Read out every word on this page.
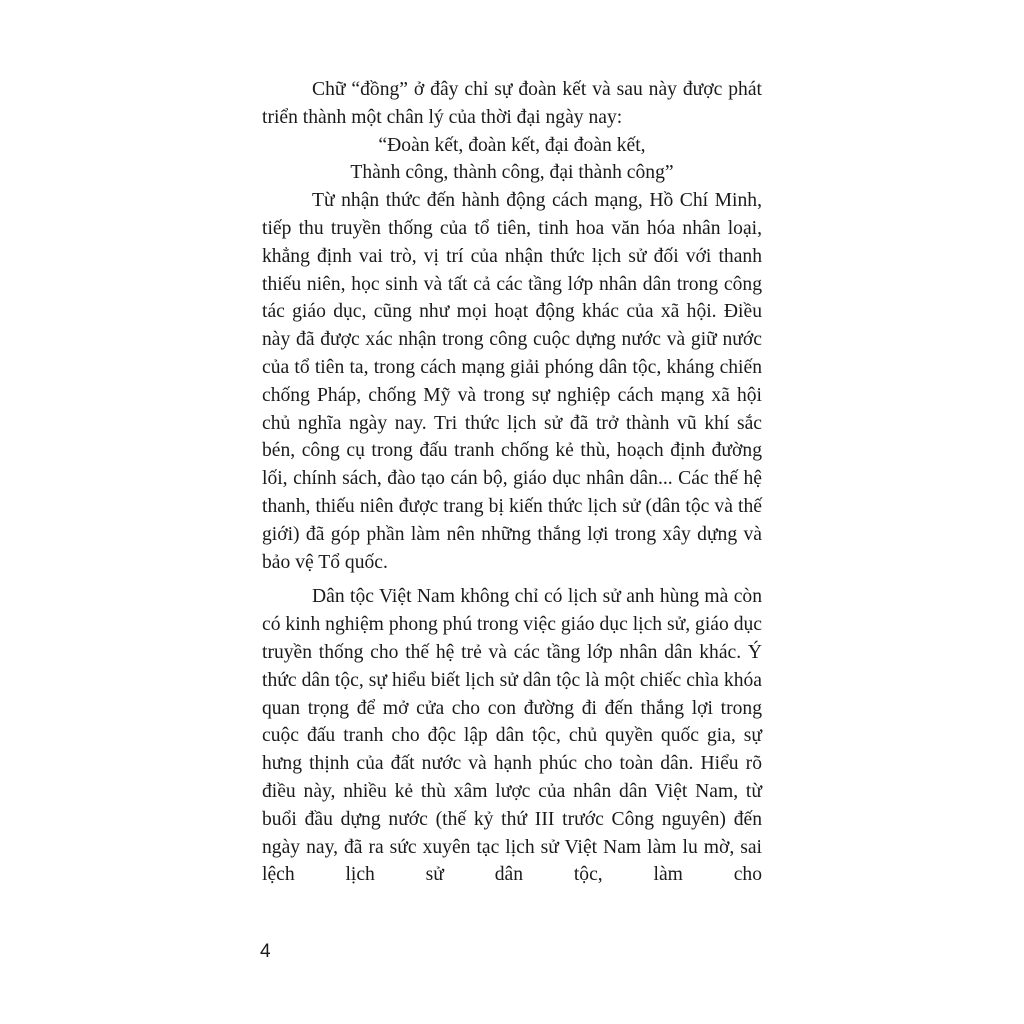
Chữ “đồng” ở đây chỉ sự đoàn kết và sau này được phát triển thành một chân lý của thời đại ngày nay:

“Đoàn kết, đoàn kết, đại đoàn kết,
Thành công, thành công, đại thành công”

Từ nhận thức đến hành động cách mạng, Hồ Chí Minh, tiếp thu truyền thống của tổ tiên, tinh hoa văn hóa nhân loại, khẳng định vai trò, vị trí của nhận thức lịch sử đối với thanh thiếu niên, học sinh và tất cả các tầng lớp nhân dân trong công tác giáo dục, cũng như mọi hoạt động khác của xã hội. Điều này đã được xác nhận trong công cuộc dựng nước và giữ nước của tổ tiên ta, trong cách mạng giải phóng dân tộc, kháng chiến chống Pháp, chống Mỹ và trong sự nghiệp cách mạng xã hội chủ nghĩa ngày nay. Tri thức lịch sử đã trở thành vũ khí sắc bén, công cụ trong đấu tranh chống kẻ thù, hoạch định đường lối, chính sách, đào tạo cán bộ, giáo dục nhân dân... Các thế hệ thanh, thiếu niên được trang bị kiến thức lịch sử (dân tộc và thế giới) đã góp phần làm nên những thắng lợi trong xây dựng và bảo vệ Tổ quốc.

Dân tộc Việt Nam không chỉ có lịch sử anh hùng mà còn có kinh nghiệm phong phú trong việc giáo dục lịch sử, giáo dục truyền thống cho thế hệ trẻ và các tầng lớp nhân dân khác. Ý thức dân tộc, sự hiểu biết lịch sử dân tộc là một chiếc chìa khóa quan trọng để mở cửa cho con đường đi đến thắng lợi trong cuộc đấu tranh cho độc lập dân tộc, chủ quyền quốc gia, sự hưng thịnh của đất nước và hạnh phúc cho toàn dân. Hiểu rõ điều này, nhiều kẻ thù xâm lược của nhân dân Việt Nam, từ buổi đầu dựng nước (thế kỷ thứ III trước Công nguyên) đến ngày nay, đã ra sức xuyên tạc lịch sử Việt Nam làm lu mờ, sai lệch lịch sử dân tộc, làm cho

4
